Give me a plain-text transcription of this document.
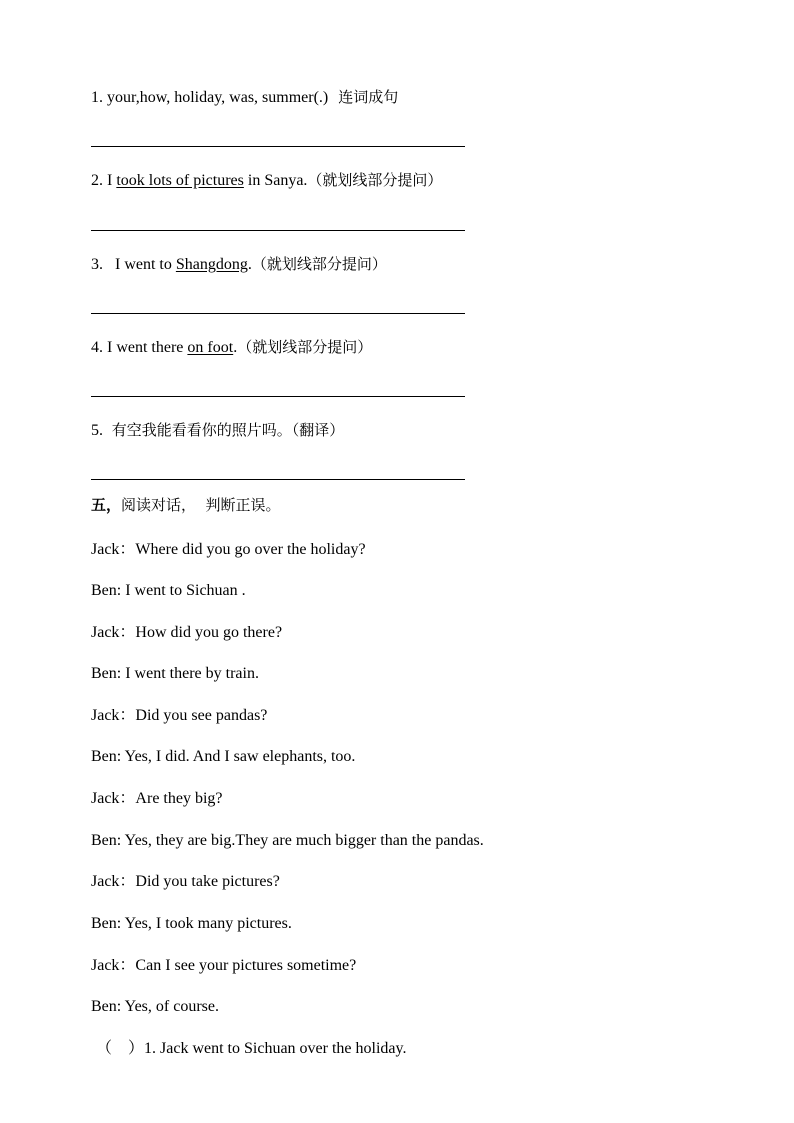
1. your,how, holiday, was, summer(.) 连词成句
2. I took lots of pictures in Sanya.（就划线部分提问）
3.   I went to Shangdong.（就划线部分提问）
4. I went there on foot.（就划线部分提问）
5.  有空我能看看你的照片吗。（翻译）
五，阅读对话，  判断正误。
Jack：Where did you go over the holiday?
Ben: I went to Sichuan .
Jack：How did you go there?
Ben: I went there by train.
Jack：Did you see pandas?
Ben: Yes, I did. And I saw elephants, too.
Jack：Are they big?
Ben: Yes, they are big.They are much bigger than the pandas.
Jack：Did you take pictures?
Ben: Yes, I took many pictures.
Jack：Can I see your pictures sometime?
Ben: Yes, of course.
（    ）1. Jack went to Sichuan over the holiday.
